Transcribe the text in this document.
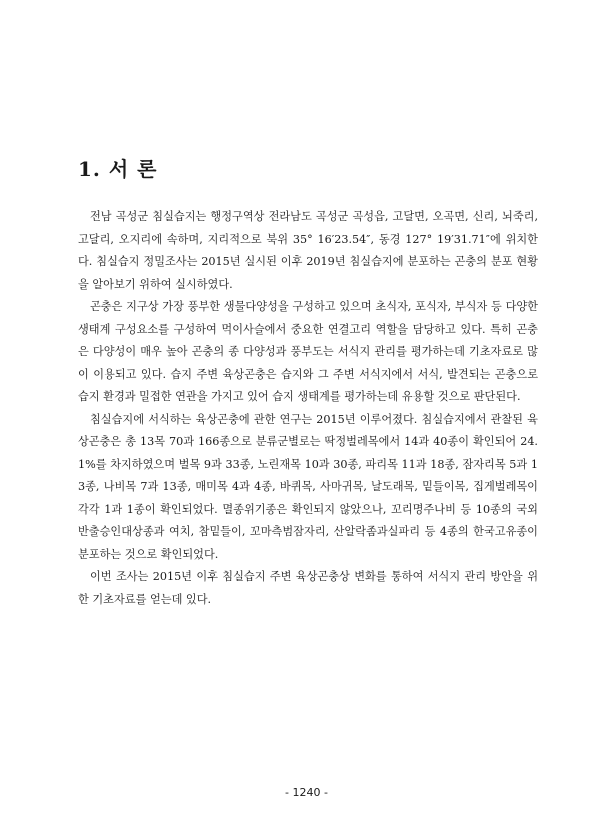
1. 서 론

전남 곡성군 침실습지는 행정구역상 전라남도 곡성군 곡성읍, 고달면, 오곡면, 신리, 뇌죽리, 고달리, 오지리에 속하며, 지리적으로 북위 35° 16′23.54″, 동경 127° 19′31.71″에 위치한다. 침실습지 정밀조사는 2015년 실시된 이후 2019년 침실습지에 분포하는 곤충의 분포 현황을 알아보기 위하여 실시하였다.

곤충은 지구상 가장 풍부한 생물다양성을 구성하고 있으며 초식자, 포식자, 부식자 등 다양한 생태계 구성요소를 구성하여 먹이사슬에서 중요한 연결고리 역할을 담당하고 있다. 특히 곤충은 다양성이 매우 높아 곤충의 종 다양성과 풍부도는 서식지 관리를 평가하는데 기초자료로 많이 이용되고 있다. 습지 주변 육상곤충은 습지와 그 주변 서식지에서 서식, 발견되는 곤충으로 습지 환경과 밀접한 연관을 가지고 있어 습지 생태계를 평가하는데 유용할 것으로 판단된다.

침실습지에 서식하는 육상곤충에 관한 연구는 2015년 이루어졌다. 침실습지에서 관찰된 육상곤충은 총 13목 70과 166종으로 분류군별로는 딱정벌레목에서 14과 40종이 확인되어 24.1%를 차지하였으며 벌목 9과 33종, 노린재목 10과 30종, 파리목 11과 18종, 잠자리목 5과 13종, 나비목 7과 13종, 매미목 4과 4종, 바퀴목, 사마귀목, 날도래목, 밑들이목, 집게벌레목이 각각 1과 1종이 확인되었다. 멸종위기종은 확인되지 않았으나, 꼬리명주나비 등 10종의 국외반출승인대상종과 여치, 참밑들이, 꼬마측범잠자리, 산알락좀과실파리 등 4종의 한국고유종이 분포하는 것으로 확인되었다.

이번 조사는 2015년 이후 침실습지 주변 육상곤충상 변화를 통하여 서식지 관리 방안을 위한 기초자료를 얻는데 있다.

- 1240 -
